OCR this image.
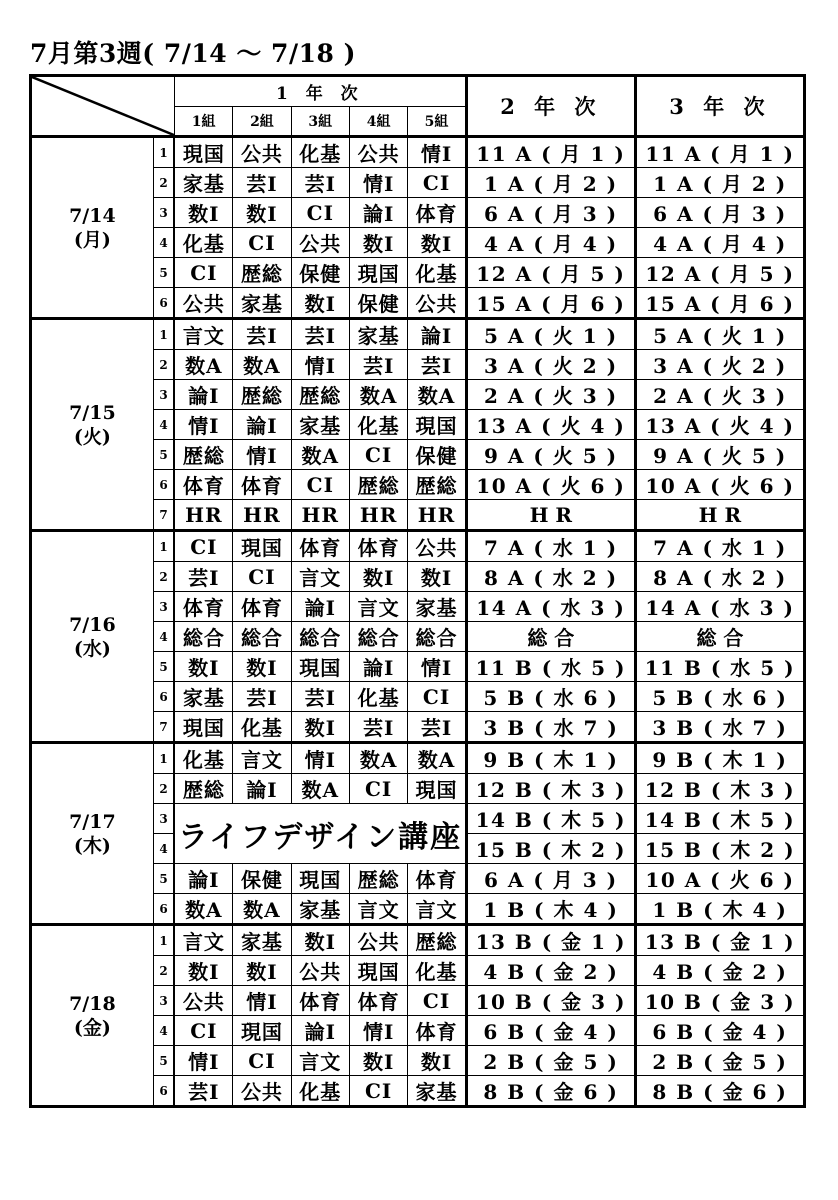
7月第3週( 7/14 〜 7/18 )
	1 年 次					2 年 次	3 年 次
		1組	2組	3組	4組	5組		

7/14
(月)	1	現国	公共	化基	公共	情Ⅰ	11 A ( 月 1 )	11 A ( 月 1 )
	2	家基	芸Ⅰ	芸Ⅰ	情Ⅰ	CⅠ	1 A ( 月 2 )	1 A ( 月 2 )
	3	数Ⅰ	数Ⅰ	CⅠ	論Ⅰ	体育	6 A ( 月 3 )	6 A ( 月 3 )
	4	化基	CⅠ	公共	数Ⅰ	数Ⅰ	4 A ( 月 4 )	4 A ( 月 4 )
	5	CⅠ	歴総	保健	現国	化基	12 A ( 月 5 )	12 A ( 月 5 )
	6	公共	家基	数Ⅰ	保健	公共	15 A ( 月 6 )	15 A ( 月 6 )

7/15
(火)	1	言文	芸Ⅰ	芸Ⅰ	家基	論Ⅰ	5 A ( 火 1 )	5 A ( 火 1 )
	2	数A	数A	情Ⅰ	芸Ⅰ	芸Ⅰ	3 A ( 火 2 )	3 A ( 火 2 )
	3	論Ⅰ	歴総	歴総	数A	数A	2 A ( 火 3 )	2 A ( 火 3 )
	4	情Ⅰ	論Ⅰ	家基	化基	現国	13 A ( 火 4 )	13 A ( 火 4 )
	5	歴総	情Ⅰ	数A	CⅠ	保健	9 A ( 火 5 )	9 A ( 火 5 )
	6	体育	体育	CⅠ	歴総	歴総	10 A ( 火 6 )	10 A ( 火 6 )
	7	HR	HR	HR	HR	HR	H R	H R

7/16
(水)	1	CⅠ	現国	体育	体育	公共	7 A ( 水 1 )	7 A ( 水 1 )
	2	芸Ⅰ	CⅠ	言文	数Ⅰ	数Ⅰ	8 A ( 水 2 )	8 A ( 水 2 )
	3	体育	体育	論Ⅰ	言文	家基	14 A ( 水 3 )	14 A ( 水 3 )
	4	総合	総合	総合	総合	総合	総 合	総 合
	5	数Ⅰ	数Ⅰ	現国	論Ⅰ	情Ⅰ	11 B ( 水 5 )	11 B ( 水 5 )
	6	家基	芸Ⅰ	芸Ⅰ	化基	CⅠ	5 B ( 水 6 )	5 B ( 水 6 )
	7	現国	化基	数Ⅰ	芸Ⅰ	芸Ⅰ	3 B ( 水 7 )	3 B ( 水 7 )

7/17
(木)	1	化基	言文	情Ⅰ	数A	数A	9 B ( 木 1 )	9 B ( 木 1 )
	2	歴総	論Ⅰ	数A	CⅠ	現国	12 B ( 木 3 )	12 B ( 木 3 )
	3	ライフデザイン講座					14 B ( 木 5 )	14 B ( 木 5 )
	4						15 B ( 木 2 )	15 B ( 木 2 )
	5	論Ⅰ	保健	現国	歴総	体育	6 A ( 月 3 )	10 A ( 火 6 )
	6	数A	数A	家基	言文	言文	1 B ( 木 4 )	1 B ( 木 4 )

7/18
(金)	1	言文	家基	数Ⅰ	公共	歴総	13 B ( 金 1 )	13 B ( 金 1 )
	2	数Ⅰ	数Ⅰ	公共	現国	化基	4 B ( 金 2 )	4 B ( 金 2 )
	3	公共	情Ⅰ	体育	体育	CⅠ	10 B ( 金 3 )	10 B ( 金 3 )
	4	CⅠ	現国	論Ⅰ	情Ⅰ	体育	6 B ( 金 4 )	6 B ( 金 4 )
	5	情Ⅰ	CⅠ	言文	数Ⅰ	数Ⅰ	2 B ( 金 5 )	2 B ( 金 5 )
	6	芸Ⅰ	公共	化基	CⅠ	家基	8 B ( 金 6 )	8 B ( 金 6 )
